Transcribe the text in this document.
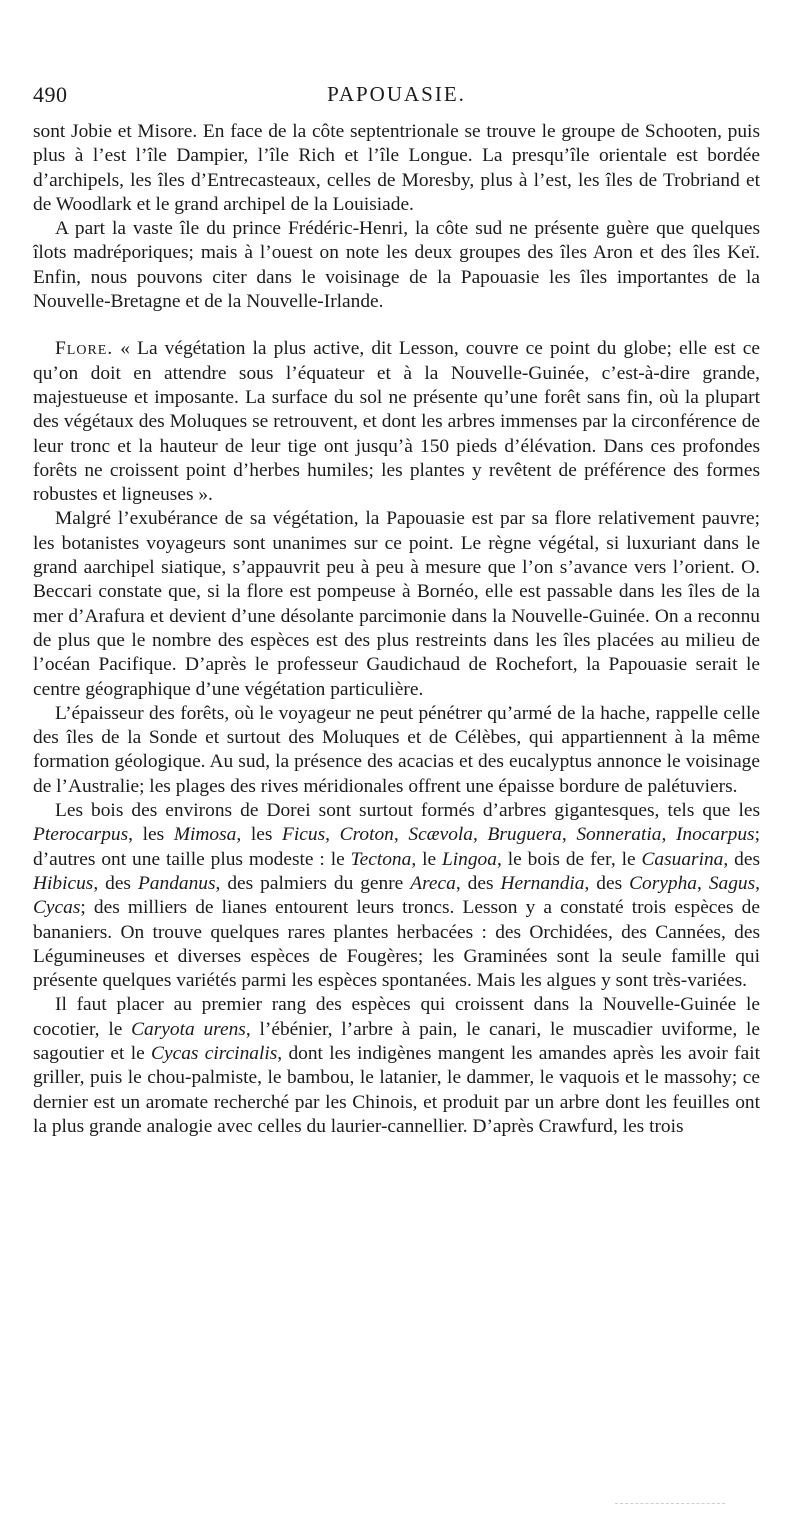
490	PAPOUASIE.

sont Jobie et Misore. En face de la côte septentrionale se trouve le groupe de Schooten, puis plus à l’est l’île Dampier, l’île Rich et l’île Longue. La presqu’île orientale est bordée d’archipels, les îles d’Entrecasteaux, celles de Moresby, plus à l’est, les îles de Trobriand et de Woodlark et le grand archipel de la Louisiade.

A part la vaste île du prince Frédéric-Henri, la côte sud ne présente guère que quelques îlots madréporiques; mais à l’ouest on note les deux groupes des îles Aron et des îles Keï. Enfin, nous pouvons citer dans le voisinage de la Papouasie les îles importantes de la Nouvelle-Bretagne et de la Nouvelle-Irlande.

Flore. « La végétation la plus active, dit Lesson, couvre ce point du globe; elle est ce qu’on doit en attendre sous l’équateur et à la Nouvelle-Guinée, c’est-à-dire grande, majestueuse et imposante. La surface du sol ne présente qu’une forêt sans fin, où la plupart des végétaux des Moluques se retrouvent, et dont les arbres immenses par la circonférence de leur tronc et la hauteur de leur tige ont jusqu’à 150 pieds d’élévation. Dans ces profondes forêts ne croissent point d’herbes humiles; les plantes y revêtent de préférence des formes robustes et ligneuses ».

Malgré l’exubérance de sa végétation, la Papouasie est par sa flore relativement pauvre; les botanistes voyageurs sont unanimes sur ce point. Le règne végétal, si luxuriant dans le grand aarchipel siatique, s’appauvrit peu à peu à mesure que l’on s’avance vers l’orient. O. Beccari constate que, si la flore est pompeuse à Bornéo, elle est passable dans les îles de la mer d’Arafura et devient d’une désolante parcimonie dans la Nouvelle-Guinée. On a reconnu de plus que le nombre des espèces est des plus restreints dans les îles placées au milieu de l’océan Pacifique. D’après le professeur Gaudichaud de Rochefort, la Papouasie serait le centre géographique d’une végétation particulière.

L’épaisseur des forêts, où le voyageur ne peut pénétrer qu’armé de la hache, rappelle celle des îles de la Sonde et surtout des Moluques et de Célèbes, qui appartiennent à la même formation géologique. Au sud, la présence des acacias et des eucalyptus annonce le voisinage de l’Australie; les plages des rives méridionales offrent une épaisse bordure de palétuviers.

Les bois des environs de Dorei sont surtout formés d’arbres gigantesques, tels que les Pterocarpus, les Mimosa, les Ficus, Croton, Scævola, Bruguera, Sonneratia, Inocarpus; d’autres ont une taille plus modeste : le Tectona, le Lingoa, le bois de fer, le Casuarina, des Hibicus, des Pandanus, des palmiers du genre Areca, des Hernandia, des Corypha, Sagus, Cycas; des milliers de lianes entourent leurs troncs. Lesson y a constaté trois espèces de bananiers. On trouve quelques rares plantes herbacées : des Orchidées, des Cannées, des Légumineuses et diverses espèces de Fougères; les Graminées sont la seule famille qui présente quelques variétés parmi les espèces spontanées. Mais les algues y sont très-variées.

Il faut placer au premier rang des espèces qui croissent dans la Nouvelle-Guinée le cocotier, le Caryota urens, l’ébénier, l’arbre à pain, le canari, le muscadier uviforme, le sagoutier et le Cycas circinalis, dont les indigènes mangent les amandes après les avoir fait griller, puis le chou-palmiste, le bambou, le latanier, le dammer, le vaquois et le massohy; ce dernier est un aromate recherché par les Chinois, et produit par un arbre dont les feuilles ont la plus grande analogie avec celles du laurier-cannellier. D’après Crawfurd, les trois
